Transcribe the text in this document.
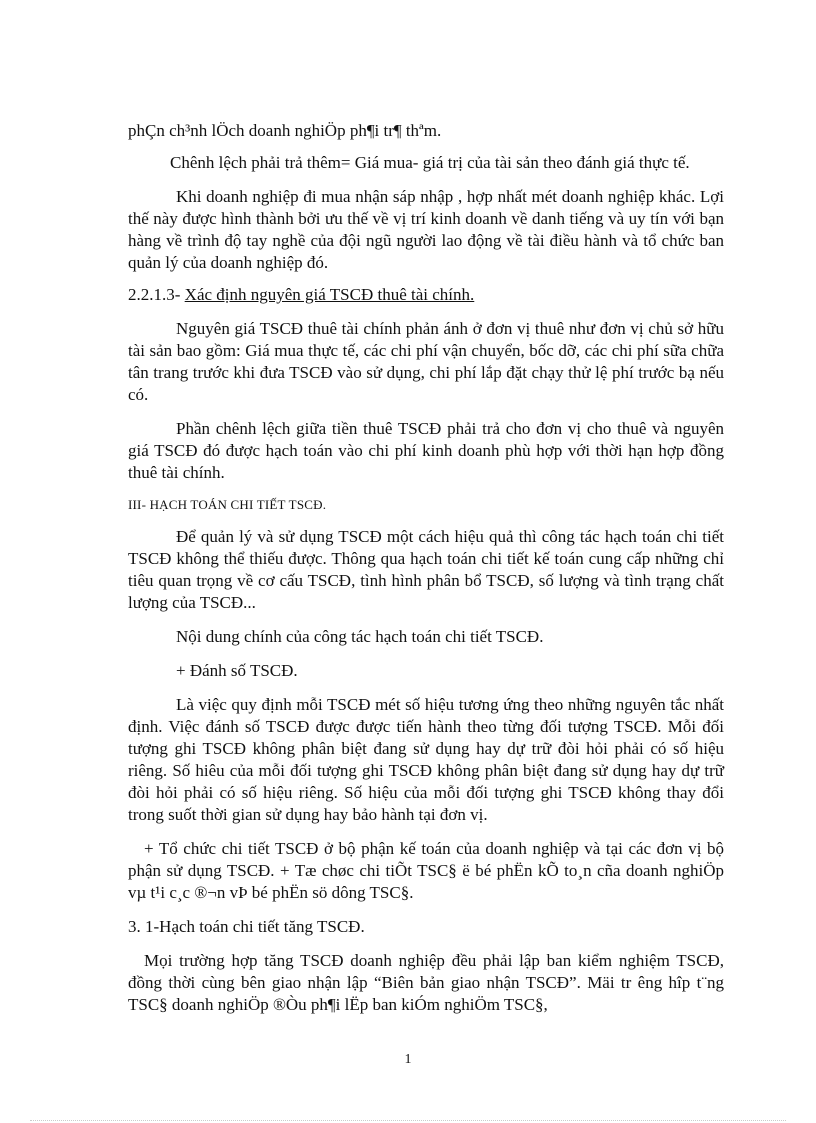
phÇn ch³nh lÖch doanh nghiÖp ph¶i tr¶ thªm.

Chênh lệch phải trả thêm= Giá mua- giá trị của tài sản theo đánh giá thực tế.

Khi doanh nghiệp đi mua nhận sáp nhập , hợp nhất mét doanh nghiệp khác. Lợi thế này được hình thành bởi ưu thế về vị trí kinh doanh về danh tiếng và uy tín với bạn hàng về trình độ tay nghề của đội ngũ người lao động về tài điều hành và tổ chức ban quản lý của doanh nghiệp đó.

2.2.1.3- Xác định nguyên giá TSCĐ thuê tài chính.

Nguyên giá TSCĐ thuê tài chính phản ánh ở đơn vị thuê như đơn vị chủ sở hữu tài sản bao gồm: Giá mua thực tế, các chi phí vận chuyển, bốc dỡ, các chi phí sữa chữa tân trang trước khi đưa TSCĐ vào sử dụng, chi phí lắp đặt chạy thử lệ phí trước bạ nếu có.

Phần chênh lệch giữa tiền thuê TSCĐ phải trả cho đơn vị cho thuê và nguyên giá TSCĐ đó được hạch toán vào chi phí kinh doanh phù hợp với thời hạn hợp đồng thuê tài chính.

III- HẠCH TOÁN CHI TIẾT TSCĐ.

Để quản lý và sử dụng TSCĐ một cách hiệu quả thì công tác hạch toán chi tiết TSCĐ không thể thiếu được. Thông qua hạch toán chi tiết kế toán cung cấp những chỉ tiêu quan trọng về cơ cấu TSCĐ, tình hình phân bổ TSCĐ, số lượng và tình trạng chất lượng của TSCĐ...

Nội dung chính của công tác hạch toán chi tiết TSCĐ.

+ Đánh số TSCĐ.

Là việc quy định mỗi TSCĐ mét số hiệu tương ứng theo những nguyên tắc nhất định. Việc đánh số TSCĐ được được tiến hành theo từng đối tượng TSCĐ. Mỗi đối tượng ghi TSCĐ không phân biệt đang sử dụng hay dự trữ đòi hỏi phải có số hiệu riêng. Số hiêu của mỗi đối tượng ghi TSCĐ không phân biệt đang sử dụng hay dự trữ đòi hỏi phải có số hiệu riêng. Số hiệu của mỗi đối tượng ghi TSCĐ không thay đổi trong suốt thời gian sử dụng hay bảo hành tại đơn vị.

+ Tổ chức chi tiết TSCĐ ở bộ phận kế toán của doanh nghiệp và tại các đơn vị bộ phận sử dụng TSCĐ. + Tæ chøc chi tiÕt TSC§ ë bé phËn kÕ to¸n cña doanh nghiÖp vµ t¹i c¸c ®¬n vÞ bé phËn sö dông TSC§.

3. 1-Hạch toán chi tiết tăng TSCĐ.

Mọi trường hợp tăng TSCĐ doanh nghiệp đều phải lập ban kiểm nghiệm TSCĐ, đồng thời cùng bên giao nhận lập “Biên bản giao nhận TSCĐ”. Mäi tr êng hîp t¨ng TSC§ doanh nghiÖp ®Òu ph¶i lËp ban kiÓm nghiÖm TSC§,

1
